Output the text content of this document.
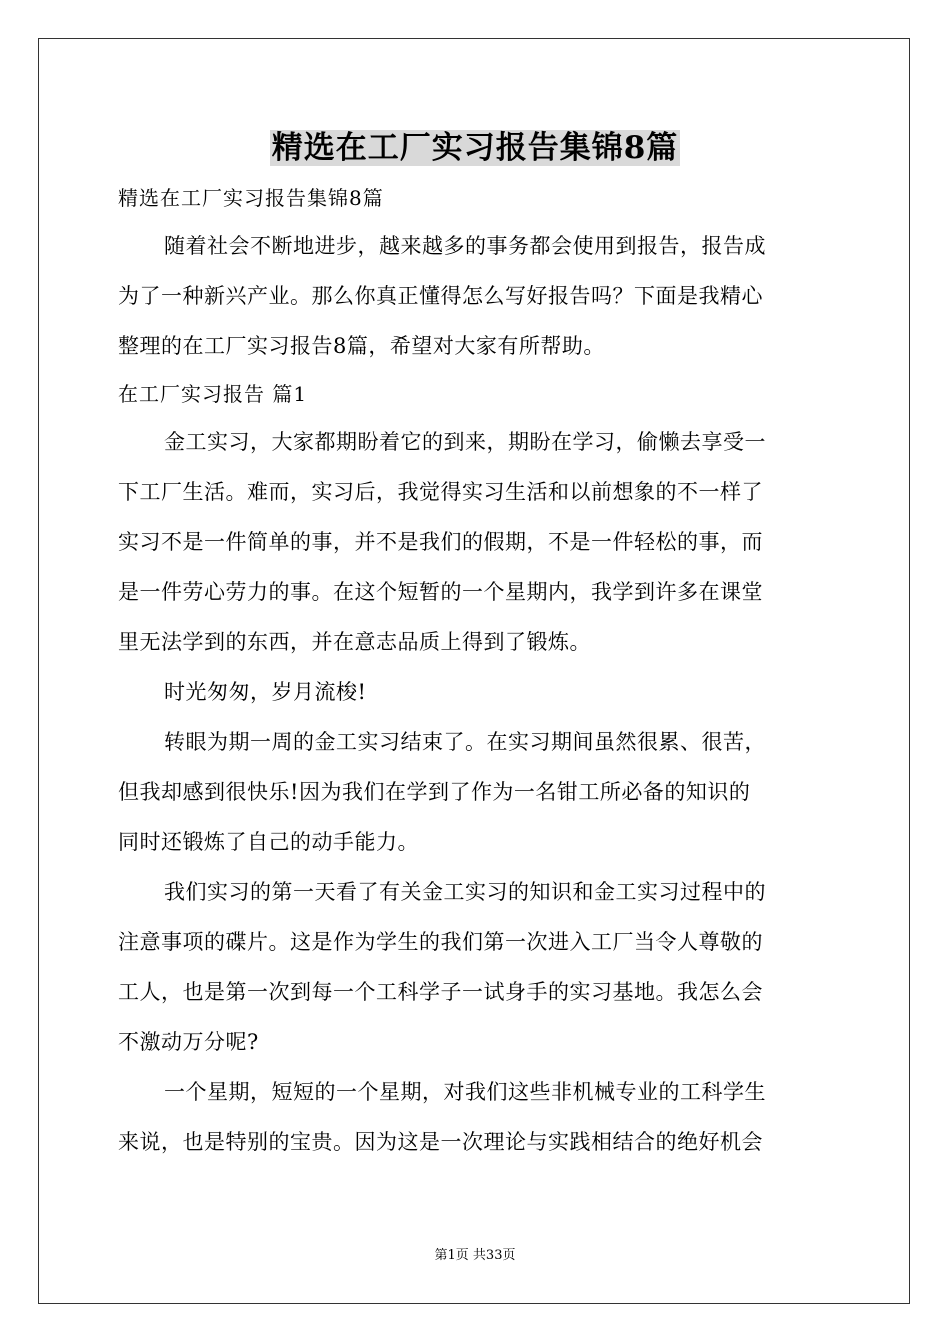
精选在工厂实习报告集锦8篇
精选在工厂实习报告集锦8篇
随着社会不断地进步，越来越多的事务都会使用到报告，报告成
为了一种新兴产业。那么你真正懂得怎么写好报告吗？下面是我精心
整理的在工厂实习报告8篇，希望对大家有所帮助。
在工厂实习报告 篇1
金工实习，大家都期盼着它的到来，期盼在学习，偷懒去享受一
下工厂生活。难而，实习后，我觉得实习生活和以前想象的不一样了
实习不是一件简单的事，并不是我们的假期，不是一件轻松的事，而
是一件劳心劳力的事。在这个短暂的一个星期内，我学到许多在课堂
里无法学到的东西，并在意志品质上得到了锻炼。
时光匆匆，岁月流梭!
转眼为期一周的金工实习结束了。在实习期间虽然很累、很苦，
但我却感到很快乐!因为我们在学到了作为一名钳工所必备的知识的
同时还锻炼了自己的动手能力。
我们实习的第一天看了有关金工实习的知识和金工实习过程中的
注意事项的碟片。这是作为学生的我们第一次进入工厂当令人尊敬的
工人，也是第一次到每一个工科学子一试身手的实习基地。我怎么会
不激动万分呢?
一个星期，短短的一个星期，对我们这些非机械专业的工科学生
来说，也是特别的宝贵。因为这是一次理论与实践相结合的绝好机会
第1页 共33页
